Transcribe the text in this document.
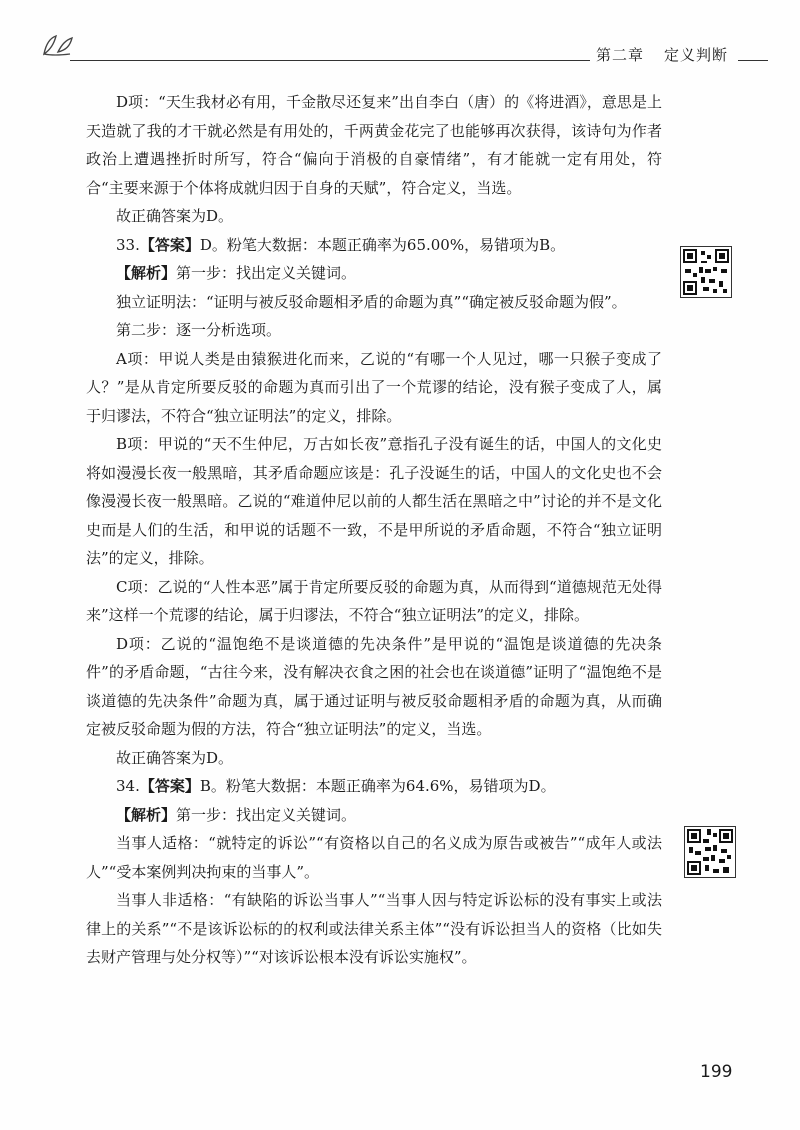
第二章 定义判断

D项：“天生我材必有用，千金散尽还复来”出自李白（唐）的《将进酒》，意思是上天造就了我的才干就必然是有用处的，千两黄金花完了也能够再次获得，该诗句为作者政治上遭遇挫折时所写，符合“偏向于消极的自豪情绪”，有才能就一定有用处，符合“主要来源于个体将成就归因于自身的天赋”，符合定义，当选。

故正确答案为D。

33.【答案】D。粉笔大数据：本题正确率为65.00%，易错项为B。

【解析】第一步：找出定义关键词。

独立证明法：“证明与被反驳命题相矛盾的命题为真”“确定被反驳命题为假”。

第二步：逐一分析选项。

A项：甲说人类是由猿猴进化而来，乙说的“有哪一个人见过，哪一只猴子变成了人？”是从肯定所要反驳的命题为真而引出了一个荒谬的结论，没有猴子变成了人，属于归谬法，不符合“独立证明法”的定义，排除。

B项：甲说的“天不生仲尼，万古如长夜”意指孔子没有诞生的话，中国人的文化史将如漫漫长夜一般黑暗，其矛盾命题应该是：孔子没诞生的话，中国人的文化史也不会像漫漫长夜一般黑暗。乙说的“难道仲尼以前的人都生活在黑暗之中”讨论的并不是文化史而是人们的生活，和甲说的话题不一致，不是甲所说的矛盾命题，不符合“独立证明法”的定义，排除。

C项：乙说的“人性本恶”属于肯定所要反驳的命题为真，从而得到“道德规范无处得来”这样一个荒谬的结论，属于归谬法，不符合“独立证明法”的定义，排除。

D项：乙说的“温饱绝不是谈道德的先决条件”是甲说的“温饱是谈道德的先决条件”的矛盾命题，“古往今来，没有解决衣食之困的社会也在谈道德”证明了“温饱绝不是谈道德的先决条件”命题为真，属于通过证明与被反驳命题相矛盾的命题为真，从而确定被反驳命题为假的方法，符合“独立证明法”的定义，当选。

故正确答案为D。

34.【答案】B。粉笔大数据：本题正确率为64.6%，易错项为D。

【解析】第一步：找出定义关键词。

当事人适格：“就特定的诉讼”“有资格以自己的名义成为原告或被告”“成年人或法人”“受本案例判决拘束的当事人”。

当事人非适格：“有缺陷的诉讼当事人”“当事人因与特定诉讼标的没有事实上或法律上的关系”“不是该诉讼标的的权利或法律关系主体”“没有诉讼担当人的资格（比如失去财产管理与处分权等）”“对该诉讼根本没有诉讼实施权”。

199
